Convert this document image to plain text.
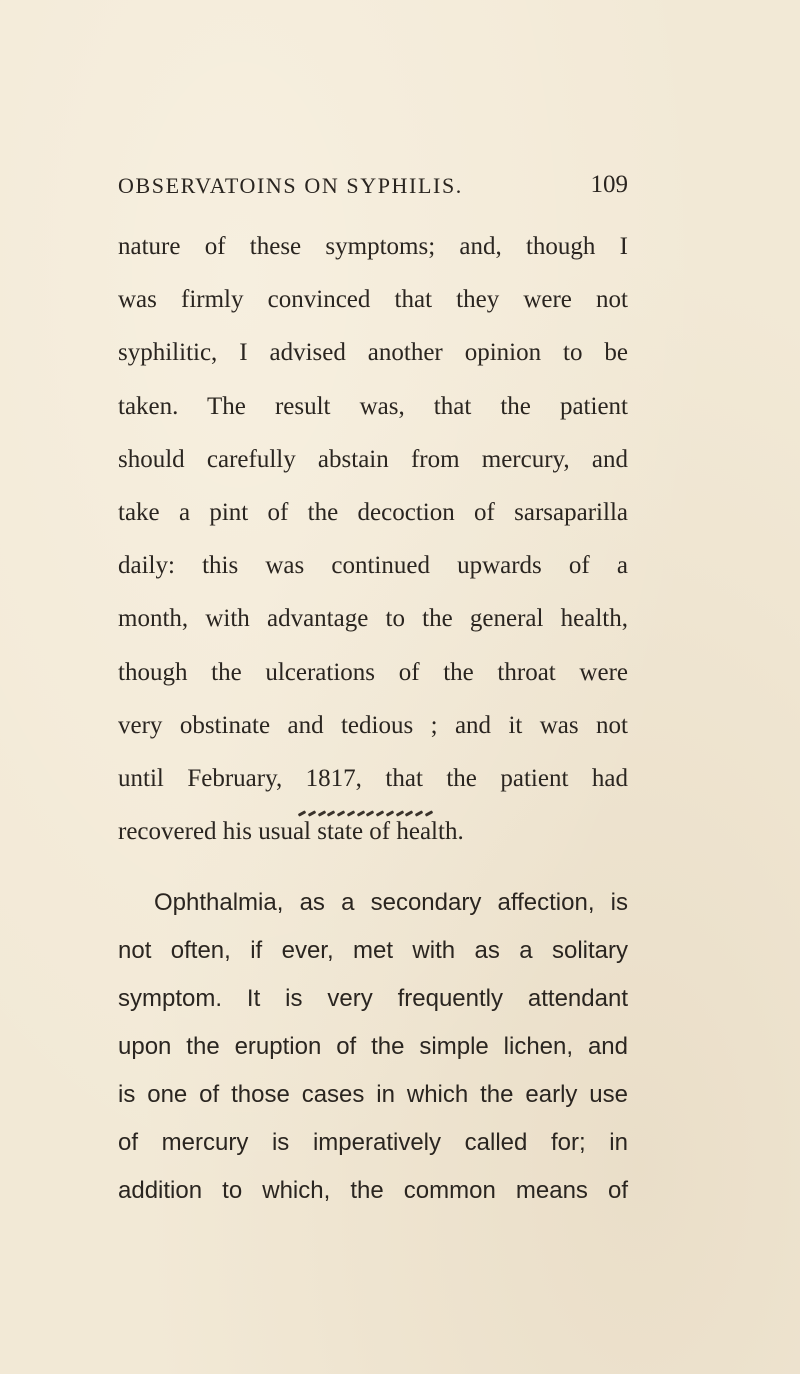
OBSERVATOINS ON SYPHILIS.	109
nature of these symptoms; and, though I
was firmly convinced that they were not
syphilitic, I advised another opinion to be
taken. The result was, that the patient
should carefully abstain from mercury, and
take a pint of the decoction of sarsaparilla
daily: this was continued upwards of a
month, with advantage to the general health,
though the ulcerations of the throat were
very obstinate and tedious ; and it was not
until February, 1817, that the patient had
recovered his usual state of health.
Ophthalmia, as a secondary affection, is
not often, if ever, met with as a solitary
symptom. It is very frequently attendant
upon the eruption of the simple lichen, and
is one of those cases in which the early use
of mercury is imperatively called for; in
addition to which, the common means of
